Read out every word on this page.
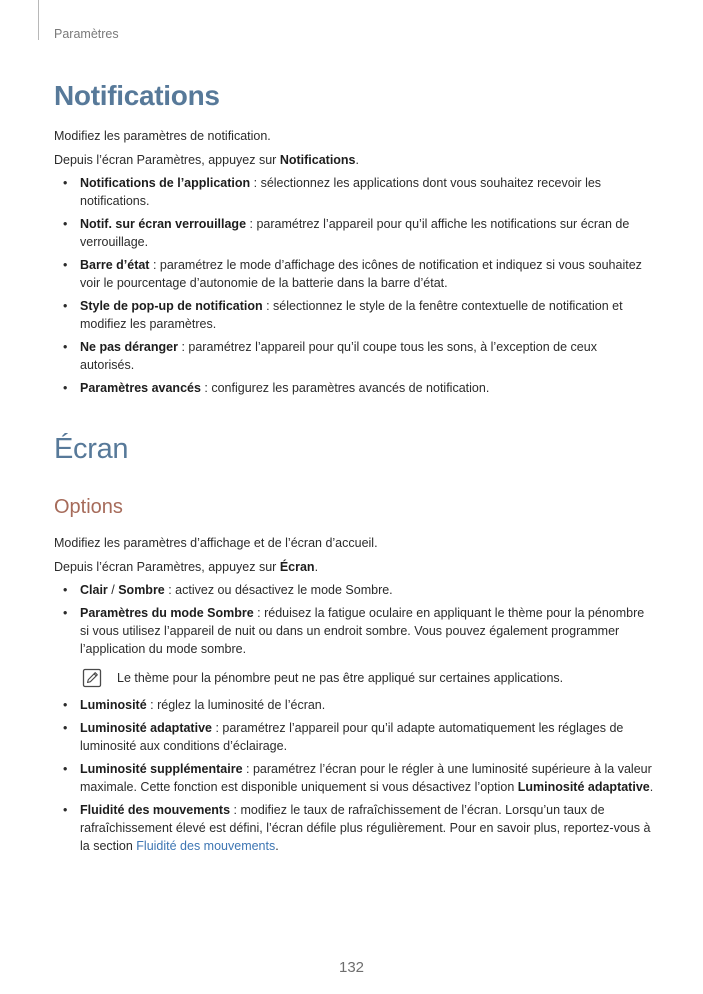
Paramètres
Notifications

Modifiez les paramètres de notification.

Depuis l’écran Paramètres, appuyez sur Notifications.

• Notifications de l’application : sélectionnez les applications dont vous souhaitez recevoir les notifications.
• Notif. sur écran verrouillage : paramétrez l’appareil pour qu’il affiche les notifications sur écran de verrouillage.
• Barre d’état : paramétrez le mode d’affichage des icônes de notification et indiquez si vous souhaitez voir le pourcentage d’autonomie de la batterie dans la barre d’état.
• Style de pop-up de notification : sélectionnez le style de la fenêtre contextuelle de notification et modifiez les paramètres.
• Ne pas déranger : paramétrez l’appareil pour qu’il coupe tous les sons, à l’exception de ceux autorisés.
• Paramètres avancés : configurez les paramètres avancés de notification.
Écran
Options

Modifiez les paramètres d’affichage et de l’écran d’accueil.

Depuis l’écran Paramètres, appuyez sur Écran.

• Clair / Sombre : activez ou désactivez le mode Sombre.
• Paramètres du mode Sombre : réduisez la fatigue oculaire en appliquant le thème pour la pénombre si vous utilisez l’appareil de nuit ou dans un endroit sombre. Vous pouvez également programmer l’application du mode sombre.
Le thème pour la pénombre peut ne pas être appliqué sur certaines applications.
• Luminosité : réglez la luminosité de l’écran.
• Luminosité adaptative : paramétrez l’appareil pour qu’il adapte automatiquement les réglages de luminosité aux conditions d’éclairage.
• Luminosité supplémentaire : paramétrez l’écran pour le régler à une luminosité supérieure à la valeur maximale. Cette fonction est disponible uniquement si vous désactivez l’option Luminosité adaptative.
• Fluidité des mouvements : modifiez le taux de rafraîchissement de l’écran. Lorsqu’un taux de rafraîchissement élevé est défini, l’écran défile plus régulièrement. Pour en savoir plus, reportez-vous à la section Fluidité des mouvements.
132
